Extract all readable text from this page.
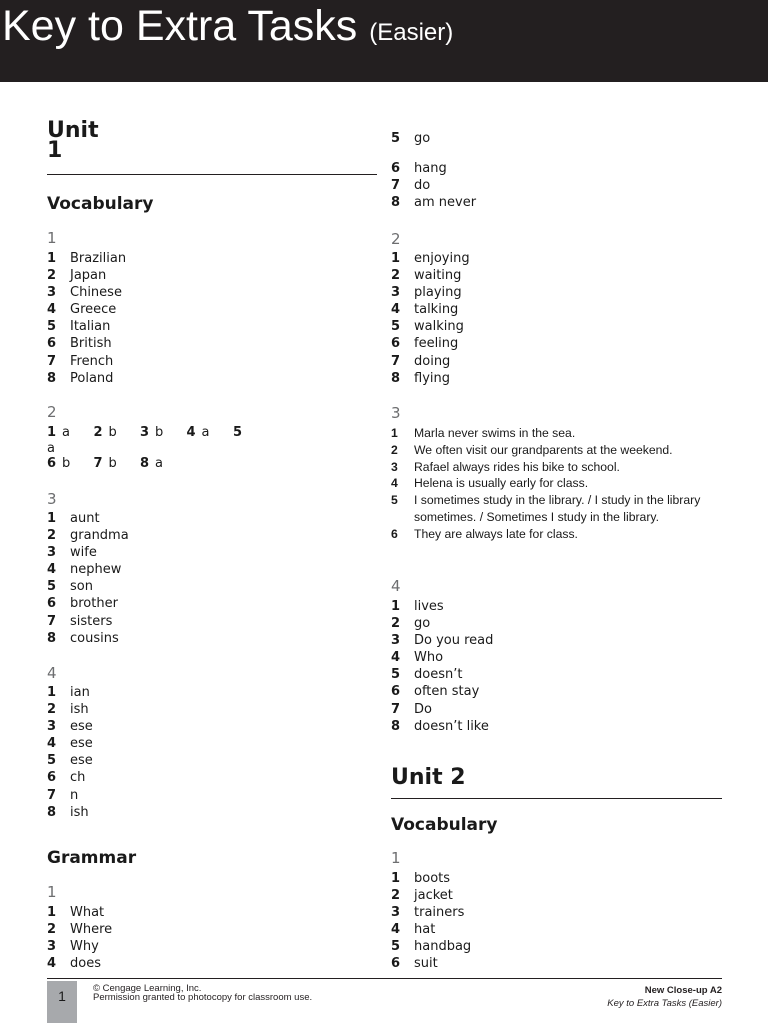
Key to Extra Tasks (Easier)
Unit
1
Vocabulary
1
1	Brazilian
2	Japan
3	Chinese
4	Greece
5	Italian
6	British
7	French
8	Poland
2
1 a 2 b 3 b 4 a 5
a
6 b 7 b 8 a
3
1	aunt
2	grandma
3	wife
4	nephew
5	son
6	brother
7	sisters
8	cousins
4
1	ian
2	ish
3	ese
4	ese
5	ese
6	ch
7	n
8	ish
Grammar
1
1	What
2	Where
3	Why
4	does
5	go
6	hang
7	do
8	am never
2
1	enjoying
2	waiting
3	playing
4	talking
5	walking
6	feeling
7	doing
8	flying
3
1	Marla never swims in the sea.
2	We often visit our grandparents at the weekend.
3	Rafael always rides his bike to school.
4	Helena is usually early for class.
5	I sometimes study in the library. / I study in the library sometimes. / Sometimes I study in the library.
6	They are always late for class.
4
1	lives
2	go
3	Do you read
4	Who
5	doesn’t
6	often stay
7	Do
8	doesn’t like
Unit 2
Vocabulary
1
1	boots
2	jacket
3	trainers
4	hat
5	handbag
6	suit
1	© Cengage Learning, Inc.
Permission granted to photocopy for classroom use.
New Close-up A2
Key to Extra Tasks (Easier)
